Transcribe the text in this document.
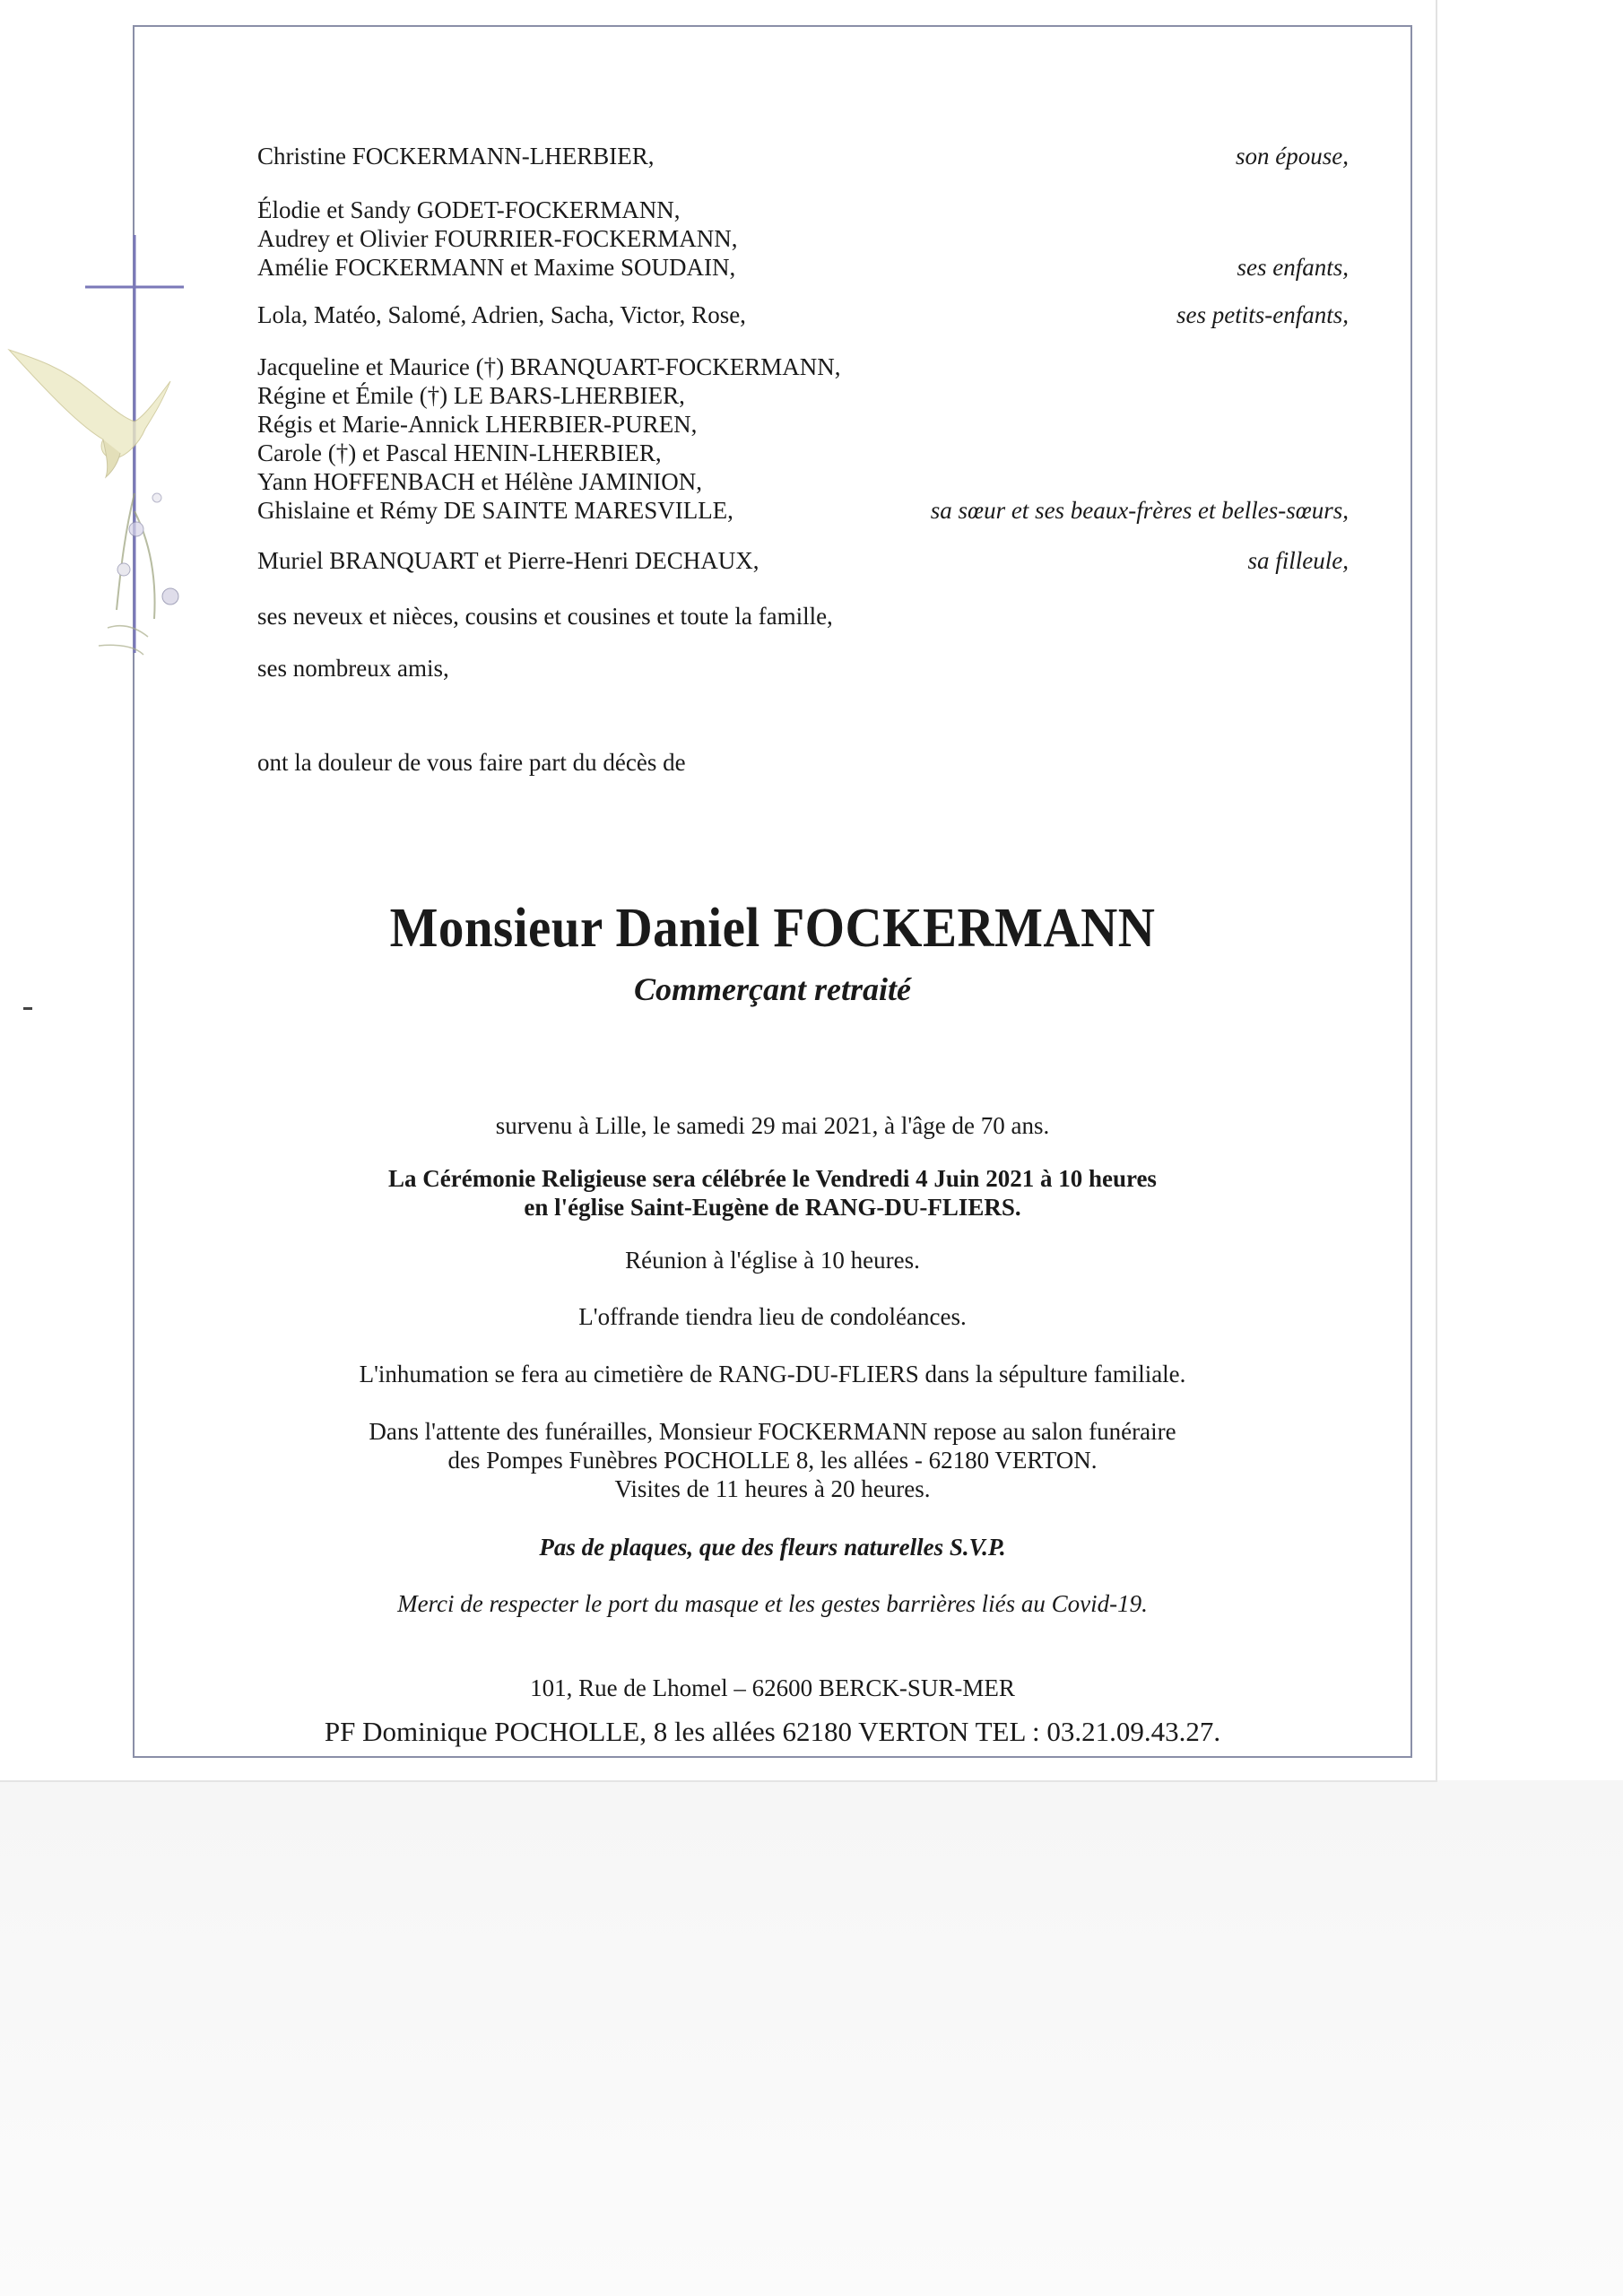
Christine FOCKERMANN-LHERBIER,	son épouse,
Élodie et Sandy GODET-FOCKERMANN,
Audrey et Olivier FOURRIER-FOCKERMANN,
Amélie FOCKERMANN et Maxime SOUDAIN,	ses enfants,
Lola, Matéo, Salomé, Adrien, Sacha, Victor, Rose,	ses petits-enfants,
Jacqueline et Maurice (†) BRANQUART-FOCKERMANN,
Régine et Émile (†) LE BARS-LHERBIER,
Régis et Marie-Annick LHERBIER-PUREN,
Carole (†) et Pascal HENIN-LHERBIER,
Yann HOFFENBACH et Hélène JAMINION,
Ghislaine et Rémy DE SAINTE MARESVILLE,	sa sœur et ses beaux-frères et belles-sœurs,
Muriel BRANQUART et Pierre-Henri DECHAUX,	sa filleule,
ses neveux et nièces, cousins et cousines et toute la famille,
ses nombreux amis,
ont la douleur de vous faire part du décès de
Monsieur Daniel FOCKERMANN
Commerçant retraité
survenu à Lille, le samedi 29 mai 2021, à l'âge de 70 ans.
La Cérémonie Religieuse sera célébrée le Vendredi 4 Juin 2021 à 10 heures
en l'église Saint-Eugène de RANG-DU-FLIERS.
Réunion à l'église à 10 heures.
L'offrande tiendra lieu de condoléances.
L'inhumation se fera au cimetière de RANG-DU-FLIERS dans la sépulture familiale.
Dans l'attente des funérailles, Monsieur FOCKERMANN repose au salon funéraire
des Pompes Funèbres POCHOLLE 8, les allées - 62180 VERTON.
Visites de 11 heures à 20 heures.
Pas de plaques, que des fleurs naturelles S.V.P.
Merci de respecter le port du masque et les gestes barrières liés au Covid-19.
101, Rue de Lhomel – 62600 BERCK-SUR-MER
PF Dominique POCHOLLE, 8 les allées 62180 VERTON TEL : 03.21.09.43.27.
